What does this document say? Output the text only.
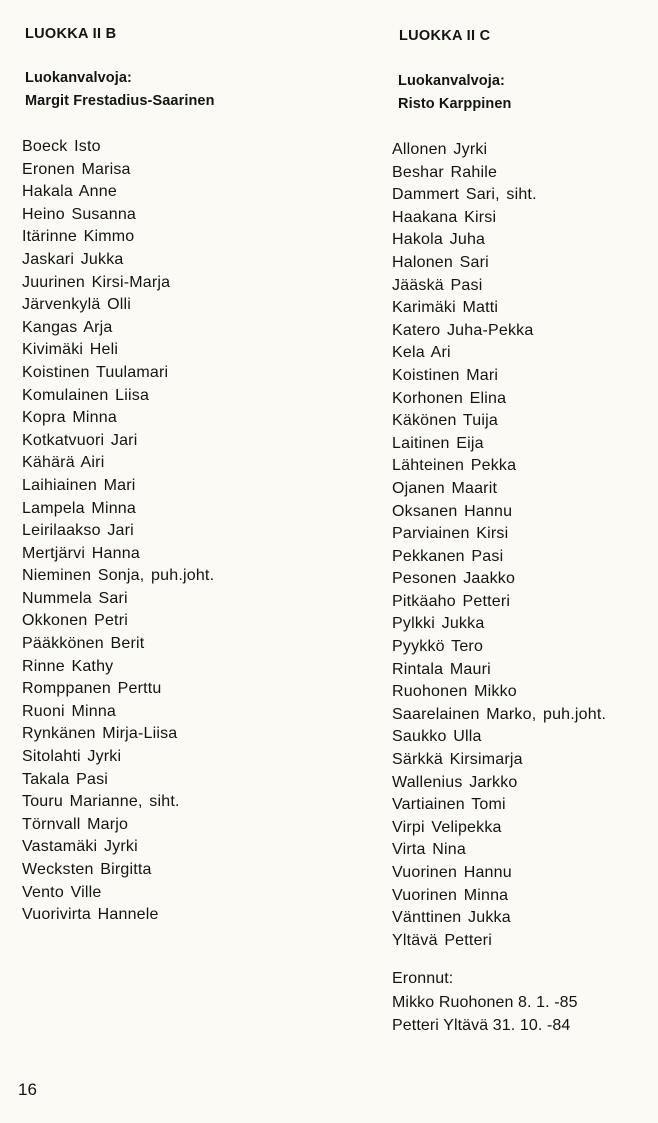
LUOKKA II B
Luokanvalvoja:
Margit Frestadius-Saarinen
Boeck Isto
Eronen Marisa
Hakala Anne
Heino Susanna
Itärinne Kimmo
Jaskari Jukka
Juurinen Kirsi-Marja
Järvenkylä Olli
Kangas Arja
Kivimäki Heli
Koistinen Tuulamari
Komulainen Liisa
Kopra Minna
Kotkatvuori Jari
Kähärä Airi
Laihiainen Mari
Lampela Minna
Leirilaakso Jari
Mertjärvi Hanna
Nieminen Sonja, puh.joht.
Nummela Sari
Okkonen Petri
Pääkkönen Berit
Rinne Kathy
Romppanen Perttu
Ruoni Minna
Rynkänen Mirja-Liisa
Sitolahti Jyrki
Takala Pasi
Touru Marianne, siht.
Törnvall Marjo
Vastamäki Jyrki
Wecksten Birgitta
Vento Ville
Vuorivirta Hannele
LUOKKA II C
Luokanvalvoja:
Risto Karppinen
Allonen Jyrki
Beshar Rahile
Dammert Sari, siht.
Haakana Kirsi
Hakola Juha
Halonen Sari
Jääskä Pasi
Karimäki Matti
Katero Juha-Pekka
Kela Ari
Koistinen Mari
Korhonen Elina
Käkönen Tuija
Laitinen Eija
Lähteinen Pekka
Ojanen Maarit
Oksanen Hannu
Parviainen Kirsi
Pekkanen Pasi
Pesonen Jaakko
Pitkäaho Petteri
Pylkki Jukka
Pyykkö Tero
Rintala Mauri
Ruohonen Mikko
Saarelainen Marko, puh.joht.
Saukko Ulla
Särkkä Kirsimarja
Wallenius Jarkko
Vartiainen Tomi
Virpi Velipekka
Virta Nina
Vuorinen Hannu
Vuorinen Minna
Vänttinen Jukka
Yltävä Petteri
Eronnut:
Mikko Ruohonen 8. 1. -85
Petteri Yltävä 31. 10. -84
16
